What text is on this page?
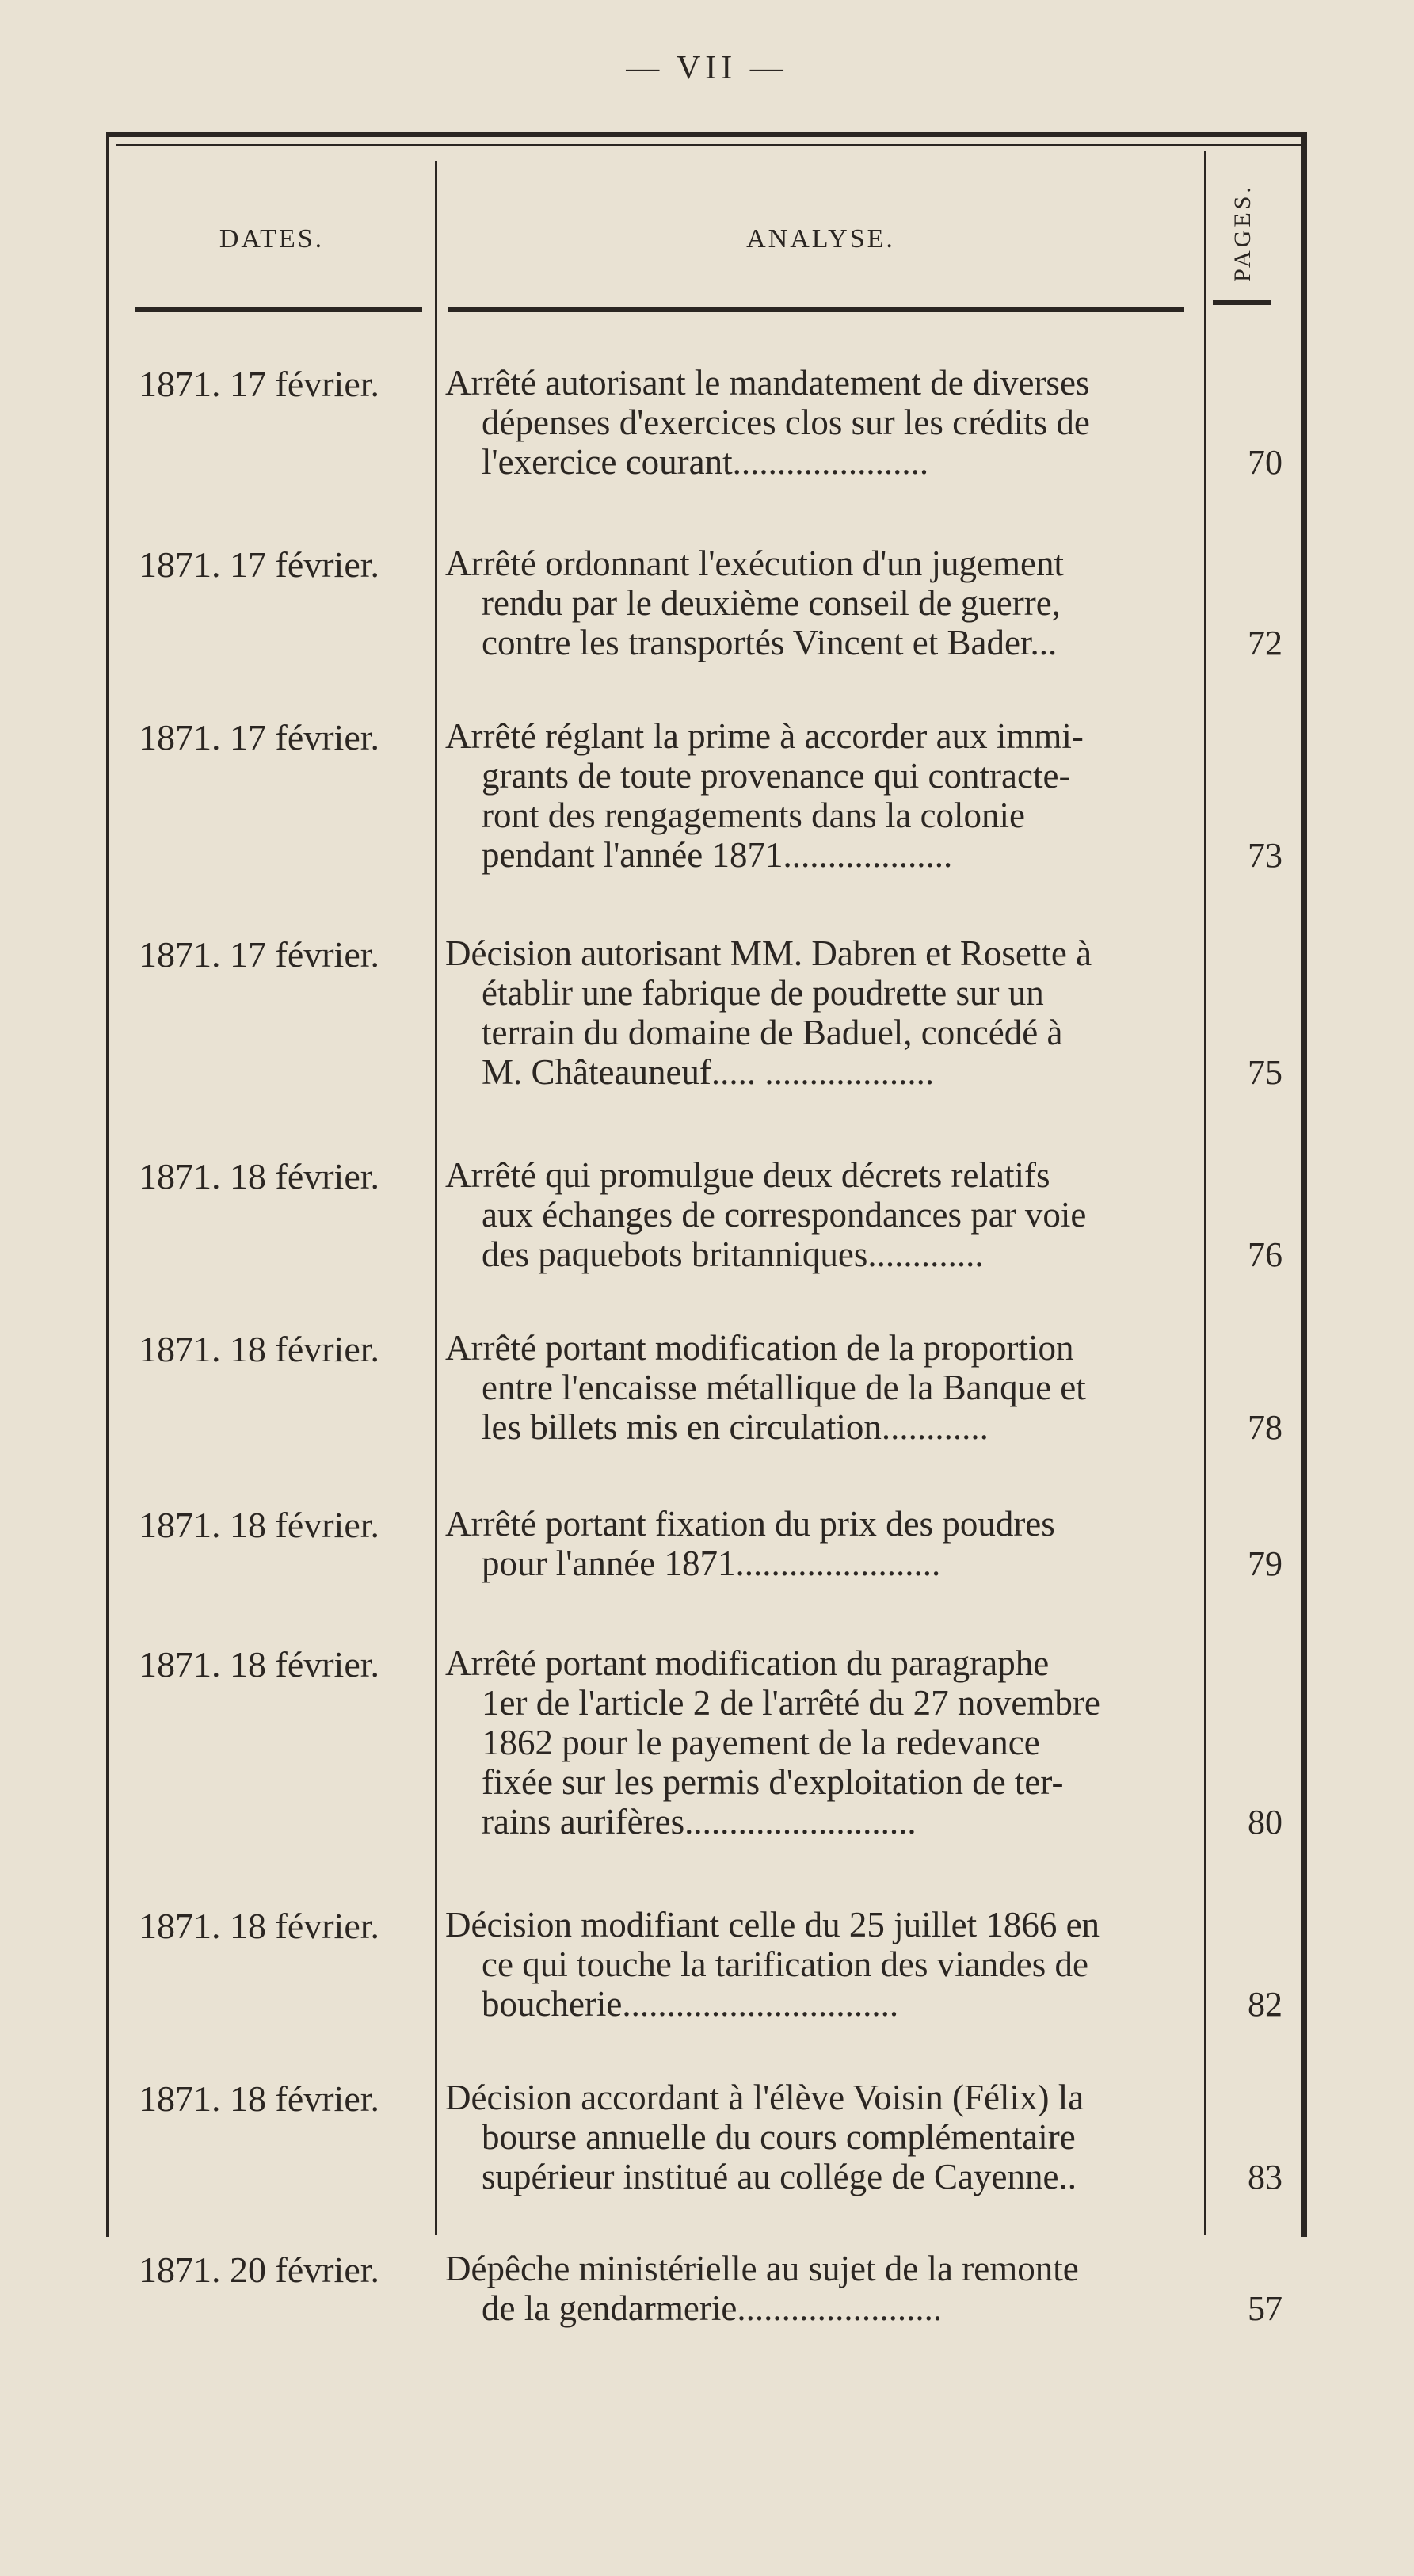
— VII —
DATES.	ANALYSE.	PAGES.
1871. 17 février. Arrêté autorisant le mandatement de diverses
dépenses d'exercices clos sur les crédits de
l'exercice courant......................	70
1871. 17 février. Arrêté ordonnant l'exécution d'un jugement
rendu par le deuxième conseil de guerre,
contre les transportés Vincent et Bader...	72
1871. 17 février. Arrêté réglant la prime à accorder aux immi-
grants de toute provenance qui contracte-
ront des rengagements dans la colonie
pendant l'année 1871...................	73
1871. 17 février. Décision autorisant MM. Dabren et Rosette à
établir une fabrique de poudrette sur un
terrain du domaine de Baduel, concédé à
M. Châteauneuf..... ...................	75
1871. 18 février. Arrêté qui promulgue deux décrets relatifs
aux échanges de correspondances par voie
des paquebots britanniques.............	76
1871. 18 février. Arrêté portant modification de la proportion
entre l'encaisse métallique de la Banque et
les billets mis en circulation............	78
1871. 18 février. Arrêté portant fixation du prix des poudres
pour l'année 1871.......................	79
1871. 18 février. Arrêté portant modification du paragraphe
1er de l'article 2 de l'arrêté du 27 novembre
1862 pour le payement de la redevance
fixée sur les permis d'exploitation de ter-
rains aurifères..........................	80
1871. 18 février. Décision modifiant celle du 25 juillet 1866 en
ce qui touche la tarification des viandes de
boucherie...............................	82
1871. 18 février. Décision accordant à l'élève Voisin (Félix) la
bourse annuelle du cours complémentaire
supérieur institué au collége de Cayenne..	83
1871. 20 février. Dépêche ministérielle au sujet de la remonte
de la gendarmerie.......................	57
